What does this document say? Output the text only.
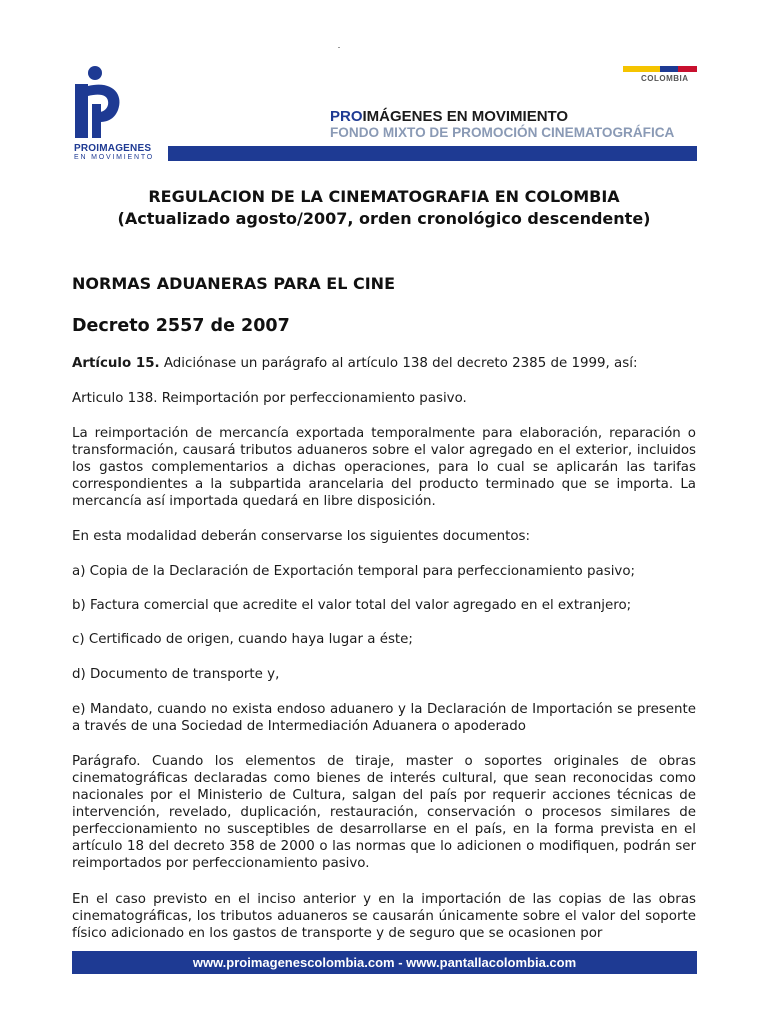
PROIMAGENES
EN MOVIMIENTO
COLOMBIA
PROIMÁGENES EN MOVIMIENTO
FONDO MIXTO DE PROMOCIÓN CINEMATOGRÁFICA
REGULACION DE LA CINEMATOGRAFIA EN COLOMBIA
(Actualizado agosto/2007, orden cronológico descendente)
NORMAS ADUANERAS PARA EL CINE
Decreto 2557 de 2007
Artículo 15. Adiciónase un parágrafo al artículo 138 del decreto 2385 de 1999, así:
Articulo 138. Reimportación por perfeccionamiento pasivo.
La reimportación de mercancía exportada temporalmente para elaboración, reparación o transformación, causará tributos aduaneros sobre el valor agregado en el exterior, incluidos los gastos complementarios a dichas operaciones, para lo cual se aplicarán las tarifas correspondientes a la subpartida arancelaria del producto terminado que se importa. La mercancía así importada quedará en libre disposición.
En esta modalidad deberán conservarse los siguientes documentos:
a) Copia de la Declaración de Exportación temporal para perfeccionamiento pasivo;
b) Factura comercial que acredite el valor total del valor agregado en el extranjero;
c) Certificado de origen, cuando haya lugar a éste;
d) Documento de transporte y,
e) Mandato, cuando no exista endoso aduanero y la Declaración de Importación se presente a través de una Sociedad de Intermediación Aduanera o apoderado
Parágrafo. Cuando los elementos de tiraje, master o soportes originales de obras cinematográficas declaradas como bienes de interés cultural, que sean reconocidas como nacionales por el Ministerio de Cultura, salgan del país por requerir acciones técnicas de intervención, revelado, duplicación, restauración, conservación o procesos similares de perfeccionamiento no susceptibles de desarrollarse en el país, en la forma prevista en el artículo 18 del decreto 358 de 2000 o las normas que lo adicionen o modifiquen, podrán ser reimportados por perfeccionamiento pasivo.
En el caso previsto en el inciso anterior y en la importación de las copias de las obras cinematográficas, los tributos aduaneros se causarán únicamente sobre el valor del soporte físico adicionado en los gastos de transporte y de seguro que se ocasionen por
www.proimagenescolombia.com - www.pantallacolombia.com
